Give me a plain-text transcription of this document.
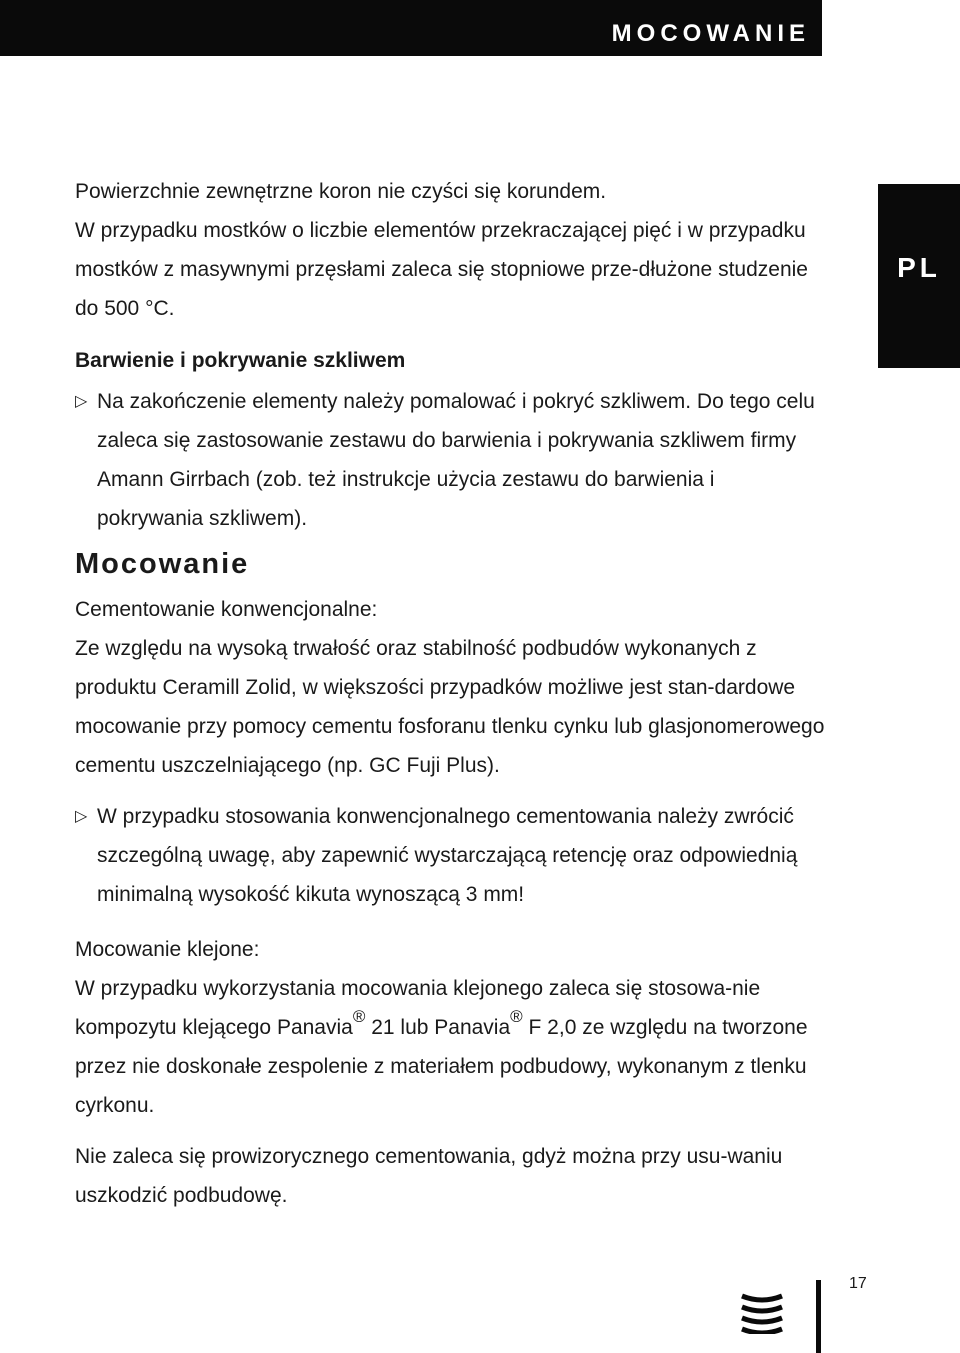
MOCOWANIE
PL

Powierzchnie zewnętrzne koron nie czyści się korundem.

W przypadku mostków o liczbie elementów przekraczającej pięć i w przypadku mostków z masywnymi przęsłami zaleca się stopniowe prze-dłużone studzenie do 500 °C.

Barwienie i pokrywanie szkliwem

▷ Na zakończenie elementy należy pomalować i pokryć szkliwem. Do tego celu zaleca się zastosowanie zestawu do barwienia i pokrywania szkliwem firmy Amann Girrbach (zob. też instrukcje użycia zestawu do barwienia i pokrywania szkliwem).

Mocowanie

Cementowanie konwencjonalne:

Ze względu na wysoką trwałość oraz stabilność podbudów wykonanych z produktu Ceramill Zolid, w większości przypadków możliwe jest stan-dardowe mocowanie przy pomocy cementu fosforanu tlenku cynku lub glasjonomerowego cementu uszczelniającego (np. GC Fuji Plus).

▷ W przypadku stosowania konwencjonalnego cementowania należy zwrócić szczególną uwagę, aby zapewnić wystarczającą retencję oraz odpowiednią minimalną wysokość kikuta wynoszącą 3 mm!

Mocowanie klejone:

W przypadku wykorzystania mocowania klejonego zaleca się stosowa-nie kompozytu klejącego Panavia® 21 lub Panavia® F 2,0 ze względu na tworzone przez nie doskonałe zespolenie z materiałem podbudowy, wykonanym z tlenku cyrkonu.

Nie zaleca się prowizorycznego cementowania, gdyż można przy usu-waniu uszkodzić podbudowę.

17
